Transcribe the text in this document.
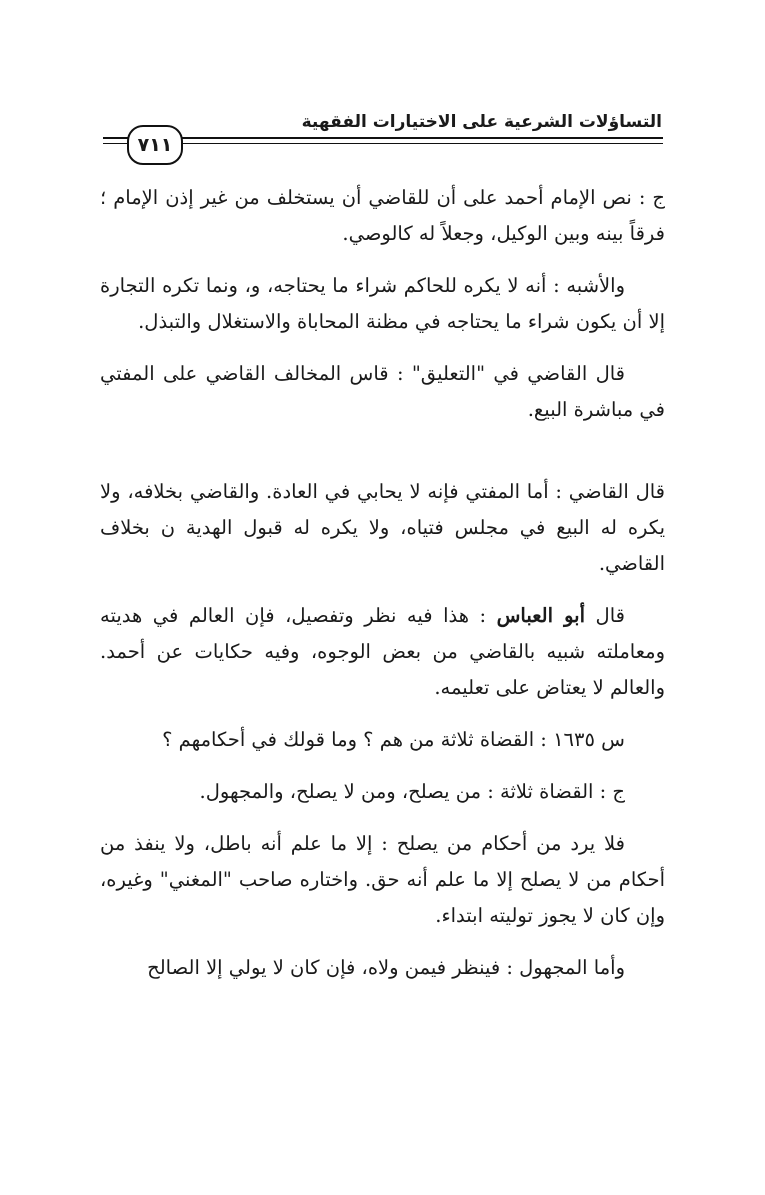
التساؤلات الشرعية على الاختيارات الفقهية
٧١١

ج : نص الإمام أحمد على أن للقاضي أن يستخلف من غير إذن الإمام ؛ فرقاً بينه وبين الوكيل، وجعلاً له كالوصي.

والأشبه : أنه لا يكره للحاكم شراء ما يحتاجه، و، ونما تكره التجارة إلا أن يكون شراء ما يحتاجه في مظنة المحاباة والاستغلال والتبذل.

قال القاضي في "التعليق" : قاس المخالف القاضي على المفتي في مباشرة البيع.

قال القاضي : أما المفتي فإنه لا يحابي في العادة. والقاضي بخلافه، ولا يكره له البيع في مجلس فتياه، ولا يكره له قبول الهدية ن بخلاف القاضي.

قال أبو العباس : هذا فيه نظر وتفصيل، فإن العالم في هديته ومعاملته شبيه بالقاضي من بعض الوجوه، وفيه حكايات عن أحمد. والعالم لا يعتاض على تعليمه.

س ١٦٣٥ : القضاة ثلاثة من هم ؟ وما قولك في أحكامهم ؟

ج : القضاة ثلاثة : من يصلح، ومن لا يصلح، والمجهول.

فلا يرد من أحكام من يصلح : إلا ما علم أنه باطل، ولا ينفذ من أحكام من لا يصلح إلا ما علم أنه حق. واختاره صاحب "المغني" وغيره، وإن كان لا يجوز توليته ابتداء.

وأما المجهول : فينظر فيمن ولاه، فإن كان لا يولي إلا الصالح
